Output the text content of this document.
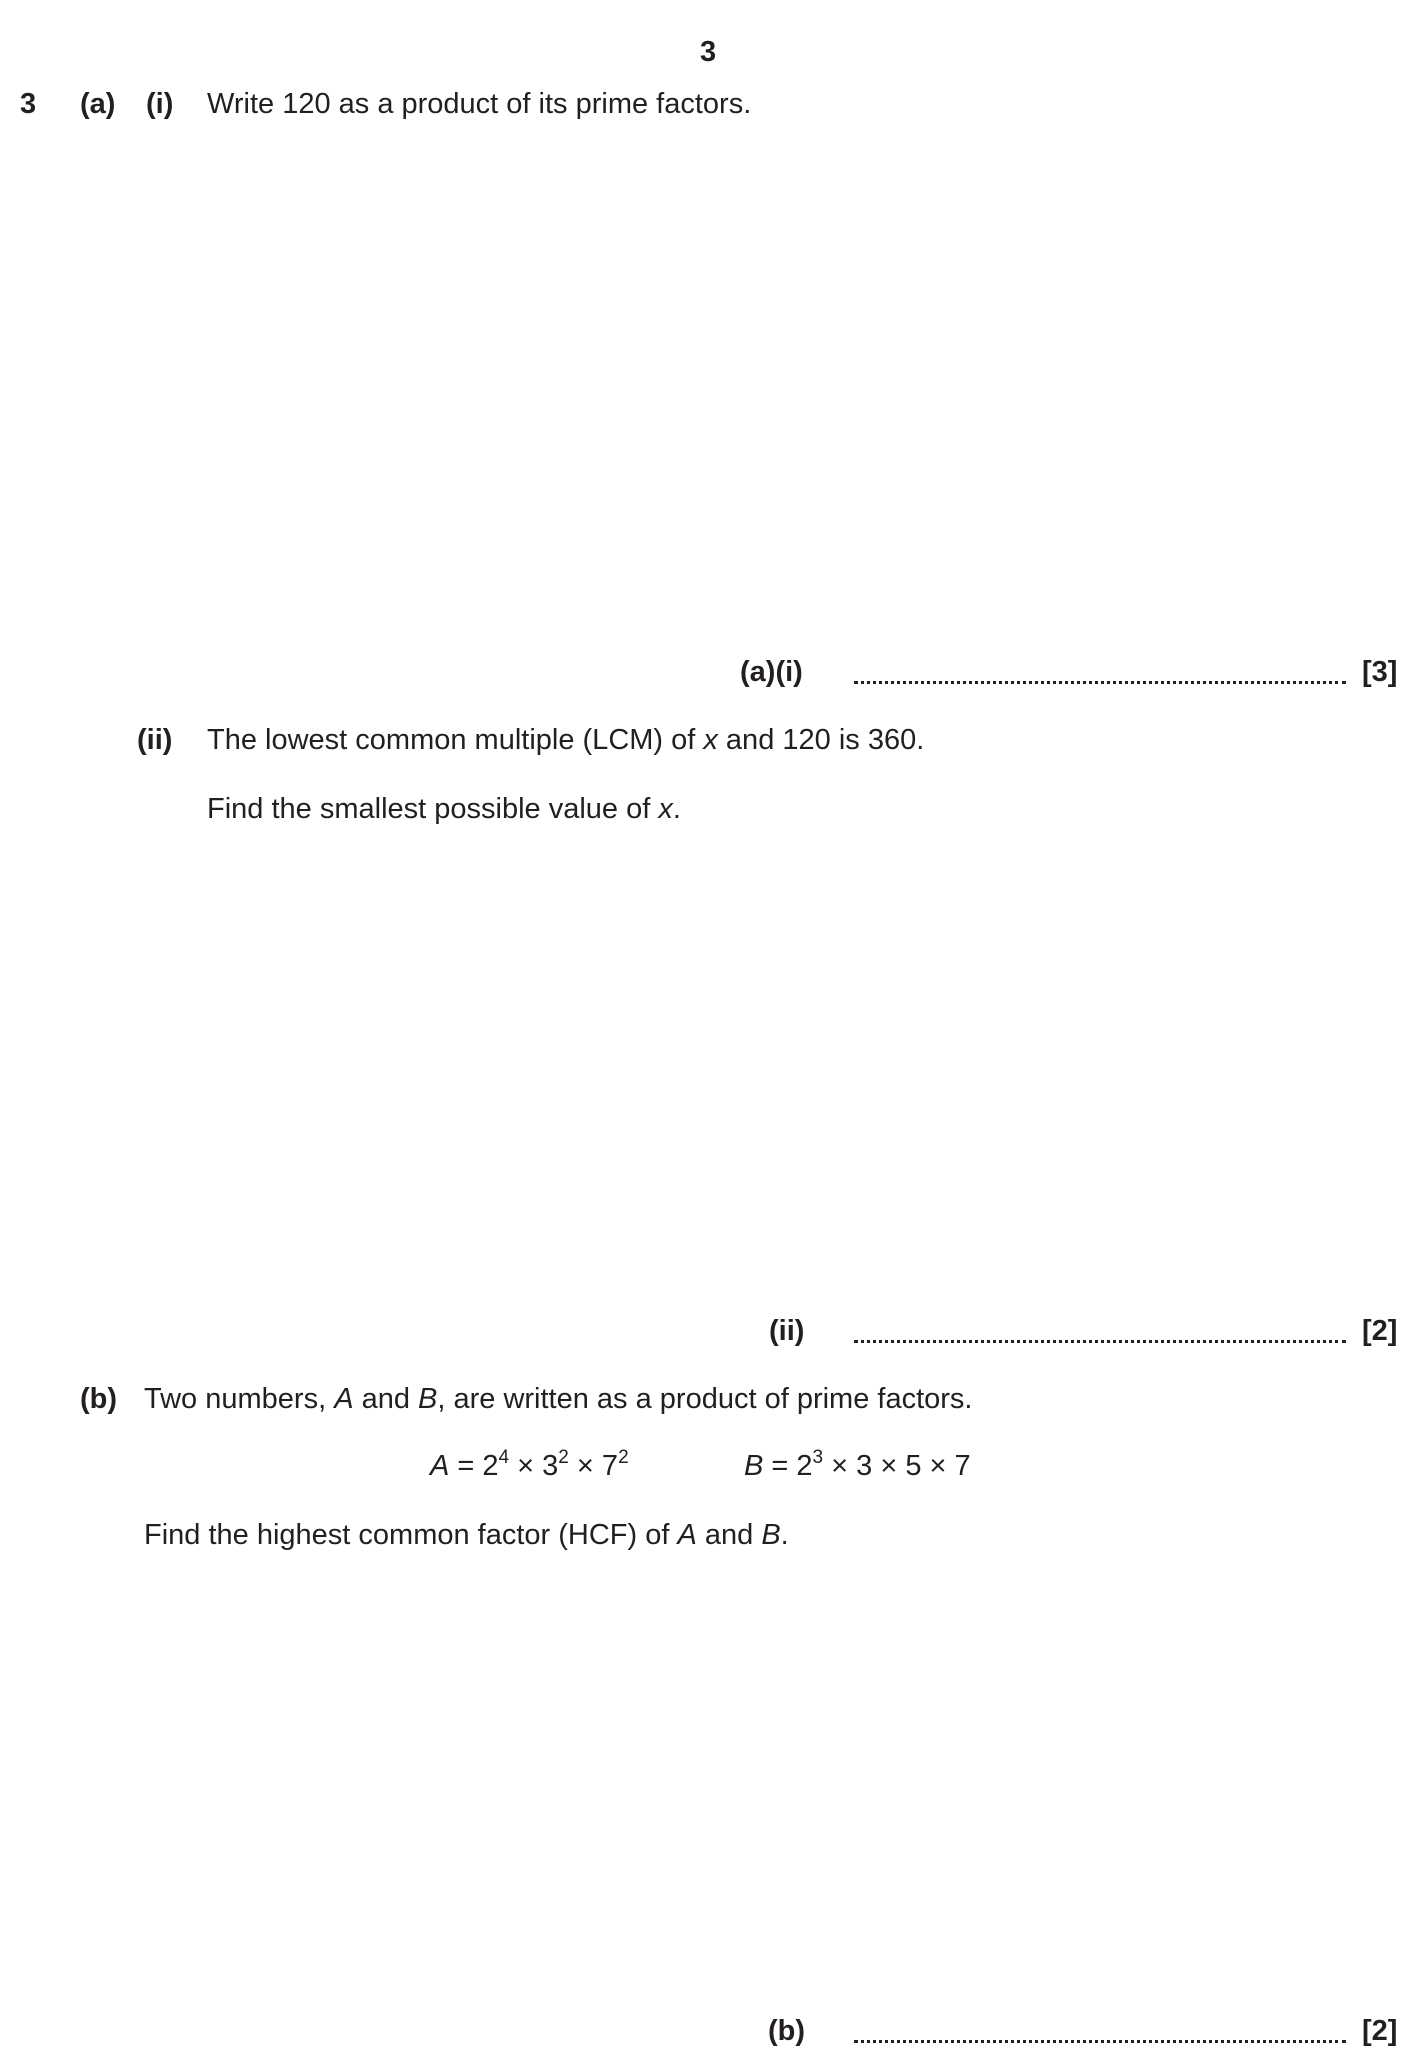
3
3 (a) (i) Write 120 as a product of its prime factors.
(a)(i)	[3]
(ii) The lowest common multiple (LCM) of x and 120 is 360.
Find the smallest possible value of x.
(ii)	[2]
(b) Two numbers, A and B, are written as a product of prime factors.
$A = 2^4 \times 3^2 \times 7^2$	$B = 2^3 \times 3 \times 5 \times 7$
Find the highest common factor (HCF) of A and B.
(b)	[2]
